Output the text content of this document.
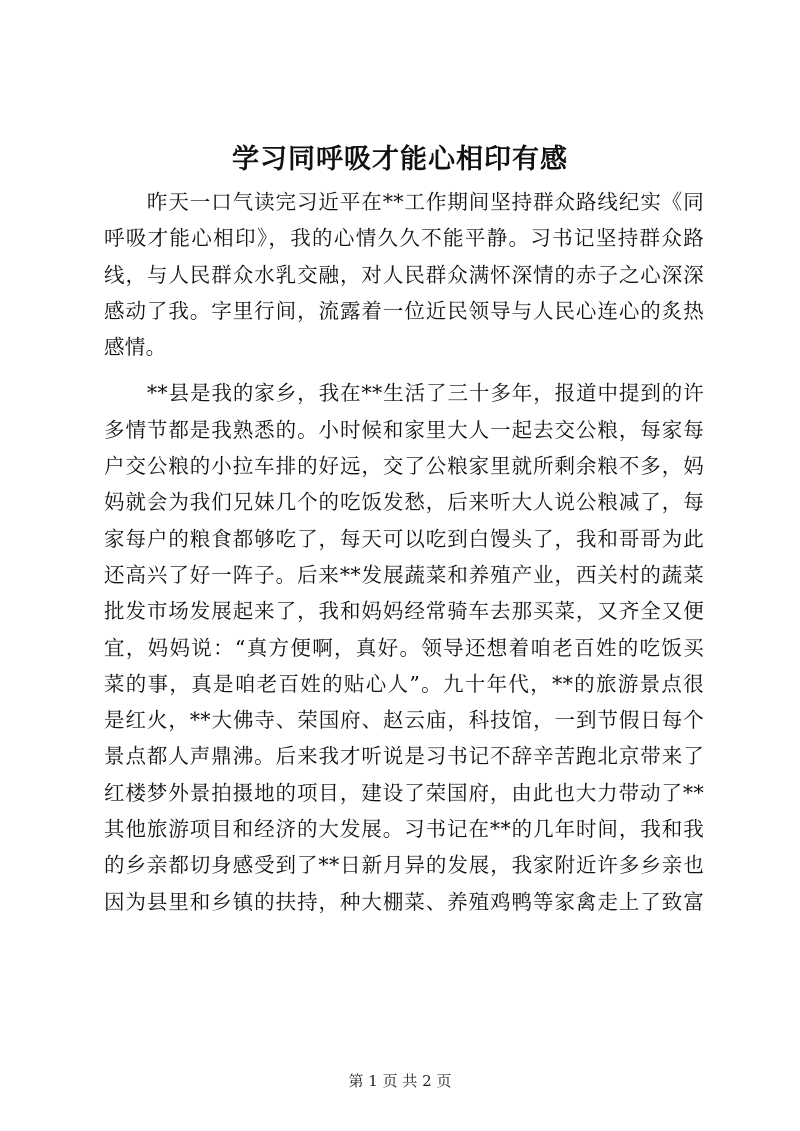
学习同呼吸才能心相印有感
　　昨天一口气读完习近平在**工作期间坚持群众路线纪实《同
呼吸才能心相印》，我的心情久久不能平静。习书记坚持群众路
线，与人民群众水乳交融，对人民群众满怀深情的赤子之心深深
感动了我。字里行间，流露着一位近民领导与人民心连心的炙热
感情。
　　**县是我的家乡，我在**生活了三十多年，报道中提到的许
多情节都是我熟悉的。小时候和家里大人一起去交公粮，每家每
户交公粮的小拉车排的好远，交了公粮家里就所剩余粮不多，妈
妈就会为我们兄妹几个的吃饭发愁，后来听大人说公粮减了，每
家每户的粮食都够吃了，每天可以吃到白馒头了，我和哥哥为此
还高兴了好一阵子。后来**发展蔬菜和养殖产业，西关村的蔬菜
批发市场发展起来了，我和妈妈经常骑车去那买菜，又齐全又便
宜，妈妈说：“真方便啊，真好。领导还想着咱老百姓的吃饭买
菜的事，真是咱老百姓的贴心人”。九十年代，**的旅游景点很
是红火，**大佛寺、荣国府、赵云庙，科技馆，一到节假日每个
景点都人声鼎沸。后来我才听说是习书记不辞辛苦跑北京带来了
红楼梦外景拍摄地的项目，建设了荣国府，由此也大力带动了**
其他旅游项目和经济的大发展。习书记在**的几年时间，我和我
的乡亲都切身感受到了**日新月异的发展，我家附近许多乡亲也
因为县里和乡镇的扶持，种大棚菜、养殖鸡鸭等家禽走上了致富
第 1 页 共 2 页
